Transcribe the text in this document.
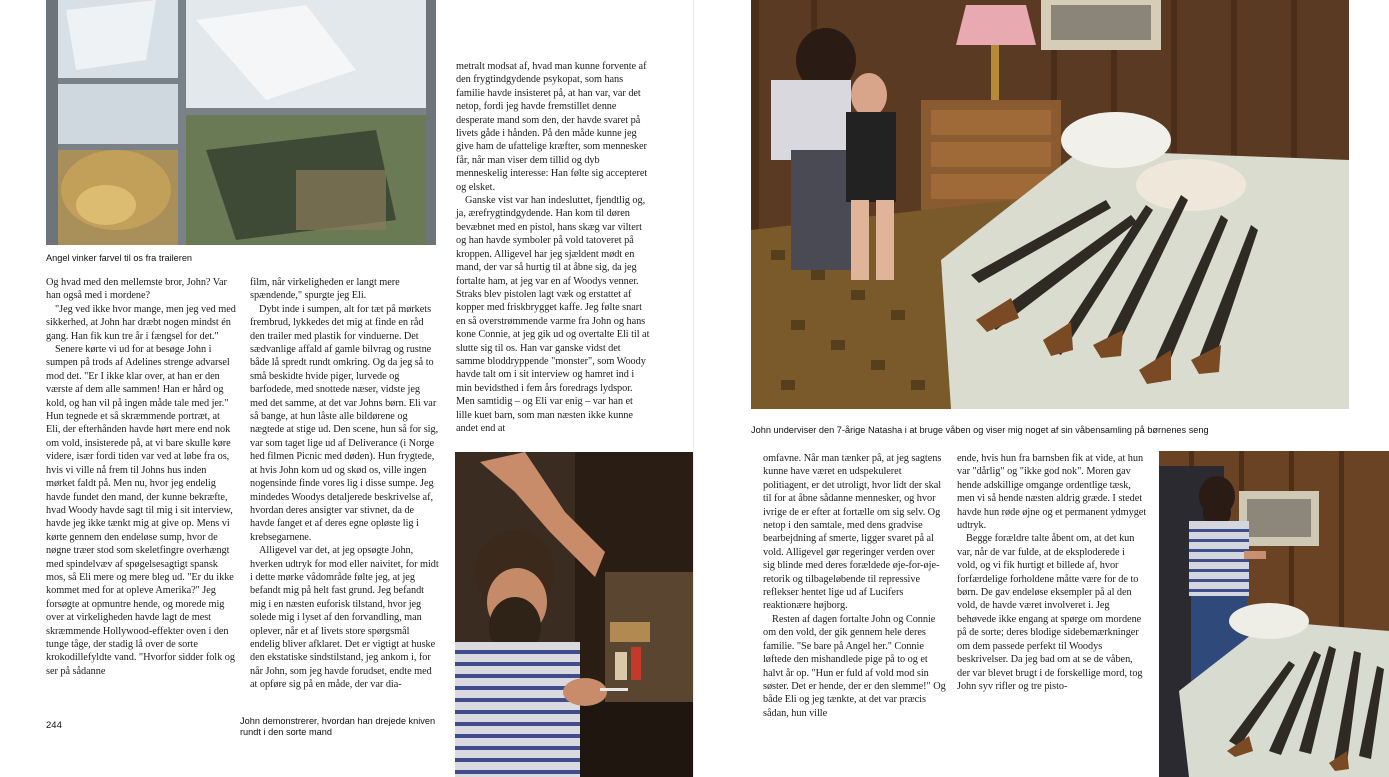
Angel vinker farvel til os fra traileren

Og hvad med den mellemste bror, John? Var han også med i mordene?

"Jeg ved ikke hvor mange, men jeg ved med sikkerhed, at John har dræbt nogen mindst én gang. Han fik kun tre år i fængsel for det."

Senere kørte vi ud for at besøge John i sumpen på trods af Adelines strenge advarsel mod det. "Er I ikke klar over, at han er den værste af dem alle sammen! Han er hård og kold, og han vil på ingen måde tale med jer." Hun tegnede et så skræmmende portræt, at Eli, der efterhånden havde hørt mere end nok om vold, insisterede på, at vi bare skulle køre videre, især fordi tiden var ved at løbe fra os, hvis vi ville nå frem til Johns hus inden mørket faldt på. Men nu, hvor jeg endelig havde fundet den mand, der kunne bekræfte, hvad Woody havde sagt til mig i sit interview, havde jeg ikke tænkt mig at give op. Mens vi kørte gennem den endeløse sump, hvor de nøgne træer stod som skeletfingre overhængt med spindelvæv af spøgelsesagtigt spansk mos, så Eli mere og mere bleg ud. "Er du ikke kommet med for at opleve Amerika?" Jeg forsøgte at opmuntre hende, og morede mig over at virkeligheden havde lagt de mest skræmmende Hollywood-effekter oven i den tunge tåge, der stadig lå over de sorte krokodillefyldte vand. "Hvorfor sidder folk og ser på sådanne

film, når virkeligheden er langt mere spændende," spurgte jeg Eli.

Dybt inde i sumpen, alt for tæt på mørkets frembrud, lykkedes det mig at finde en råd den trailer med plastik for vinduerne. Det sædvanlige affald af gamle bilvrag og rustne både lå spredt rundt omkring. Og da jeg så to små beskidte hvide piger, lurvede og barfodede, med snottede næser, vidste jeg med det samme, at det var Johns børn. Eli var så bange, at hun låste alle bildørene og nægtede at stige ud. Den scene, hun så for sig, var som taget lige ud af Deliverance (i Norge hed filmen Picnic med døden). Hun frygtede, at hvis John kom ud og skød os, ville ingen nogensinde finde vores lig i disse sumpe. Jeg mindedes Woodys detaljerede beskrivelse af, hvordan deres ansigter var stivnet, da de havde fanget et af deres egne opløste lig i krebsegarnene.

Alligevel var det, at jeg opsøgte John, hverken udtryk for mod eller naivitet, for midt i dette mørke vådområde følte jeg, at jeg befandt mig på helt fast grund. Jeg befandt mig i en næsten euforisk tilstand, hvor jeg solede mig i lyset af den forvandling, man oplever, når et af livets store spørgsmål endelig bliver afklaret. Det er vigtigt at huske den ekstatiske sindstilstand, jeg ankom i, for når John, som jeg havde forudset, endte med at opføre sig på en måde, der var dia-

metralt modsat af, hvad man kunne forvente af den frygtindgydende psykopat, som hans familie havde insisteret på, at han var, var det netop, fordi jeg havde fremstillet denne desperate mand som den, der havde svaret på livets gåde i hånden. På den måde kunne jeg give ham de ufattelige kræfter, som mennesker får, når man viser dem tillid og dyb menneskelig interesse: Han følte sig accepteret og elsket.

Ganske vist var han indesluttet, fjendtlig og, ja, ærefrygtindgydende. Han kom til døren bevæbnet med en pistol, hans skæg var viltert og han havde symboler på vold tatoveret på kroppen. Alligevel har jeg sjældent mødt en mand, der var så hurtig til at åbne sig, da jeg fortalte ham, at jeg var en af Woodys venner. Straks blev pistolen lagt væk og erstattet af kopper med friskbrygget kaffe. Jeg følte snart en så overstrømmende varme fra John og hans kone Connie, at jeg gik ud og overtalte Eli til at slutte sig til os. Han var ganske vidst det samme bloddryppende "monster", som Woody havde talt om i sit interview og hamret ind i min bevidsthed i fem års foredrags lydspor. Men samtidig – og Eli var enig – var han et lille kuet barn, som man næsten ikke kunne andet end at

John demonstrerer, hvordan han drejede kniven
rundt i den sorte mand
244
John underviser den 7-årige Natasha i at bruge våben og viser mig noget af sin våbensamling på børnenes seng

omfavne. Når man tænker på, at jeg sagtens kunne have været en udspekuleret politiagent, er det utroligt, hvor lidt der skal til for at åbne sådanne mennesker, og hvor ivrige de er efter at fortælle om sig selv. Og netop i den samtale, med dens gradvise bearbejdning af smerte, ligger svaret på al vold. Alligevel gør regeringer verden over sig blinde med deres forældede øje-for-øje-retorik og tilbageløbende til repressive reflekser hentet lige ud af Lucifers reaktionære højborg.

Resten af dagen fortalte John og Connie om den vold, der gik gennem hele deres familie. "Se bare på Angel her." Connie løftede den mishandlede pige på to og et halvt år op. "Hun er fuld af vold mod sin søster. Det er hende, der er den slemme!" Og både Eli og jeg tænkte, at det var præcis sådan, hun ville

ende, hvis hun fra barnsben fik at vide, at hun var "dårlig" og "ikke god nok". Moren gav hende adskillige omgange ordentlige tæsk, men vi så hende næsten aldrig græde. I stedet havde hun røde øjne og et permanent ydmyget udtryk.

Begge forældre talte åbent om, at det kun var, når de var fulde, at de eksploderede i vold, og vi fik hurtigt et billede af, hvor forfærdelige forholdene måtte være for de to børn. De gav endeløse eksempler på al den vold, de havde været involveret i. Jeg behøvede ikke engang at spørge om mordene på de sorte; deres blodige sidebemærkninger om dem passede perfekt til Woodys beskrivelser. Da jeg bad om at se de våben, der var blevet brugt i de forskellige mord, tog John syv rifler og tre pisto-
